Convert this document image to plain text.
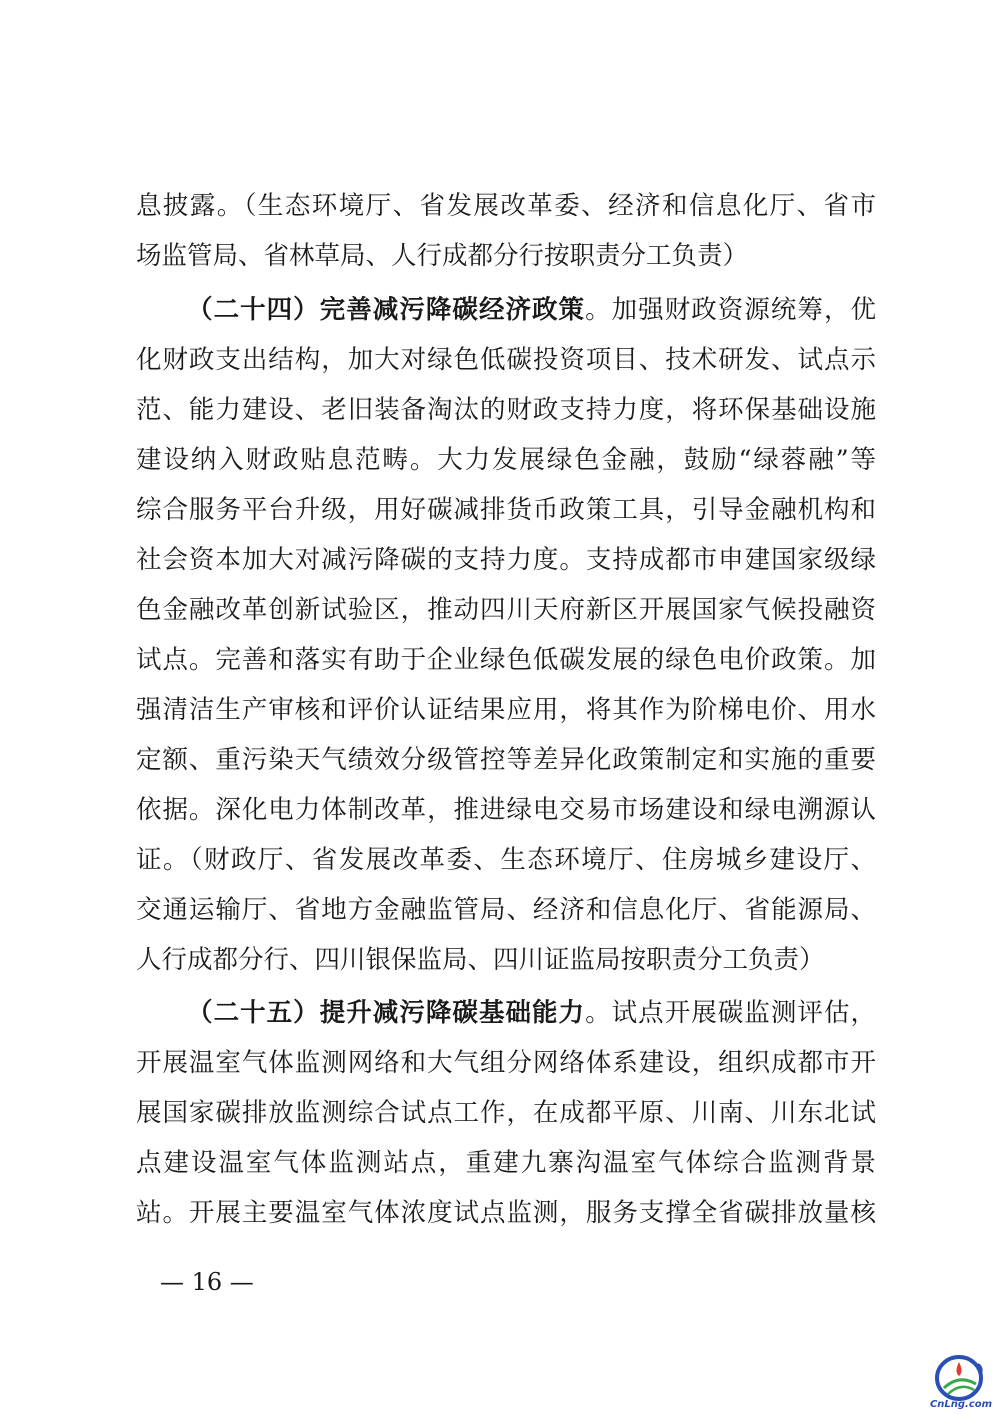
息披露。（生态环境厅、省发展改革委、经济和信息化厅、省市
场监管局、省林草局、人行成都分行按职责分工负责）
（二十四）完善减污降碳经济政策。加强财政资源统筹，优
化财政支出结构，加大对绿色低碳投资项目、技术研发、试点示
范、能力建设、老旧装备淘汰的财政支持力度，将环保基础设施
建设纳入财政贴息范畴。大力发展绿色金融，鼓励“绿蓉融”等
综合服务平台升级，用好碳减排货币政策工具，引导金融机构和
社会资本加大对减污降碳的支持力度。支持成都市申建国家级绿
色金融改革创新试验区，推动四川天府新区开展国家气候投融资
试点。完善和落实有助于企业绿色低碳发展的绿色电价政策。加
强清洁生产审核和评价认证结果应用，将其作为阶梯电价、用水
定额、重污染天气绩效分级管控等差异化政策制定和实施的重要
依据。深化电力体制改革，推进绿电交易市场建设和绿电溯源认
证。（财政厅、省发展改革委、生态环境厅、住房城乡建设厅、
交通运输厅、省地方金融监管局、经济和信息化厅、省能源局、
人行成都分行、四川银保监局、四川证监局按职责分工负责）
（二十五）提升减污降碳基础能力。试点开展碳监测评估，
开展温室气体监测网络和大气组分网络体系建设，组织成都市开
展国家碳排放监测综合试点工作，在成都平原、川南、川东北试
点建设温室气体监测站点，重建九寨沟温室气体综合监测背景
站。开展主要温室气体浓度试点监测，服务支撑全省碳排放量核
— 16 —
CnLng.com
